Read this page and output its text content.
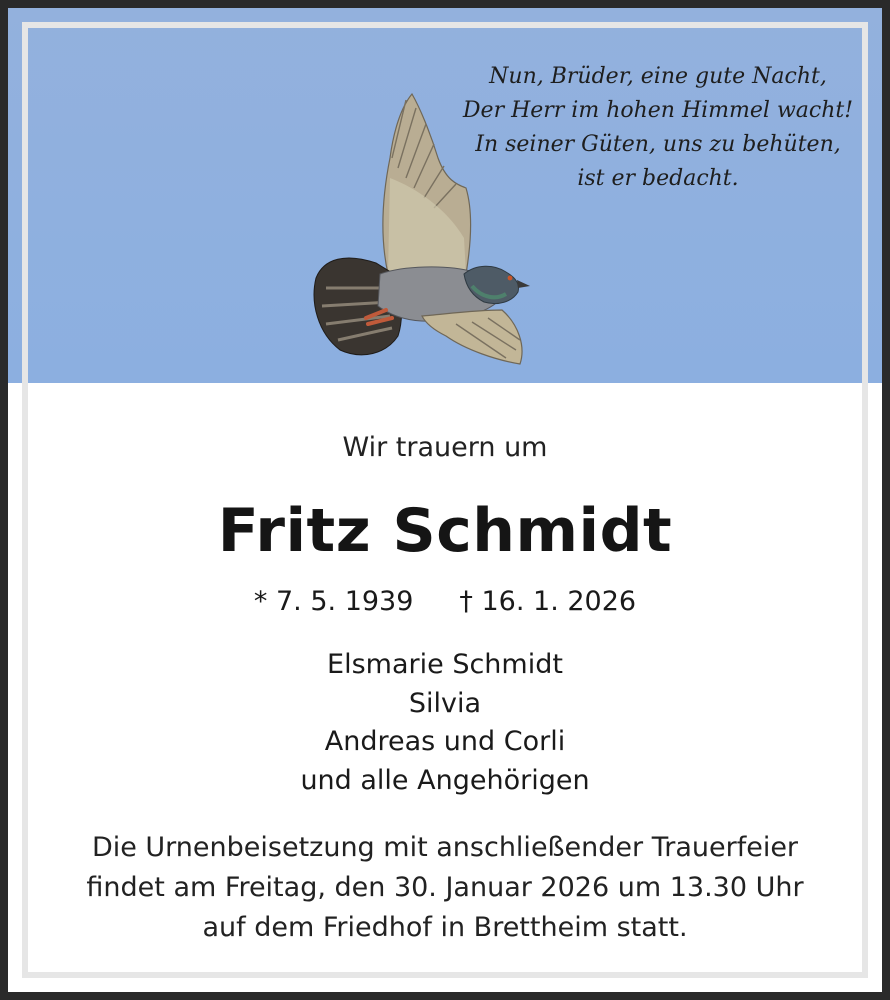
Nun, Brüder, eine gute Nacht,
Der Herr im hohen Himmel wacht!
In seiner Güten, uns zu behüten,
ist er bedacht.
Wir trauern um
Fritz Schmidt
* 7. 5. 1939 † 16. 1. 2026
Elsmarie Schmidt
Silvia
Andreas und Corli
und alle Angehörigen
Die Urnenbeisetzung mit anschließender Trauerfeier
findet am Freitag, den 30. Januar 2026 um 13.30 Uhr
auf dem Friedhof in Brettheim statt.
